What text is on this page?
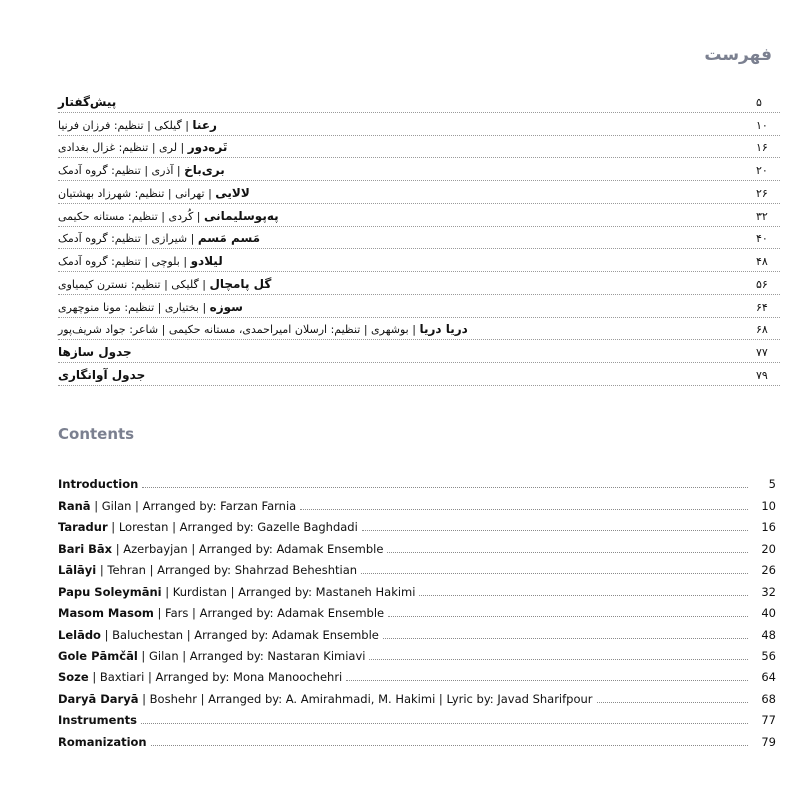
فهرست
پیش‌گفتار	۵
رعنا | گیلکی | تنظیم: فرزان فرنیا	۱۰
تَره‌دور | لری | تنظیم: غزال بغدادی	۱۶
بری‌باخ | آذری | تنظیم: گروه آدمک	۲۰
لالایی | تهرانی | تنظیم: شهرزاد بهشتیان	۲۶
په‌پوسلیمانی | کُردی | تنظیم: مستانه حکیمی	۳۲
مَسم مَسم | شیرازی | تنظیم: گروه آدمک	۴۰
لیلادو | بلوچی | تنظیم: گروه آدمک	۴۸
گل پامچال | گلیکی | تنظیم: نسترن کیمیاوی	۵۶
سوزه | بختیاری | تنظیم: مونا منوچهری	۶۴
دریا دریا | بوشهری | تنظیم: ارسلان امیراحمدی، مستانه حکیمی | شاعر: جواد شریف‌پور	۶۸
جدول سازها	۷۷
جدول آوانگاری	۷۹
Contents
Introduction	5
Ranā | Gilan | Arranged by: Farzan Farnia	10
Taradur | Lorestan | Arranged by: Gazelle Baghdadi	16
Bari Bāx | Azerbayjan | Arranged by: Adamak Ensemble	20
Lālāyi | Tehran | Arranged by: Shahrzad Beheshtian	26
Papu Soleymāni | Kurdistan | Arranged by: Mastaneh Hakimi	32
Masom Masom | Fars | Arranged by: Adamak Ensemble	40
Lelādo | Baluchestan | Arranged by: Adamak Ensemble	48
Gole Pāmčāl | Gilan | Arranged by: Nastaran Kimiavi	56
Soze | Baxtiari | Arranged by: Mona Manoochehri	64
Daryā Daryā | Boshehr | Arranged by: A. Amirahmadi, M. Hakimi | Lyric by: Javad Sharifpour	68
Instruments	77
Romanization	79
